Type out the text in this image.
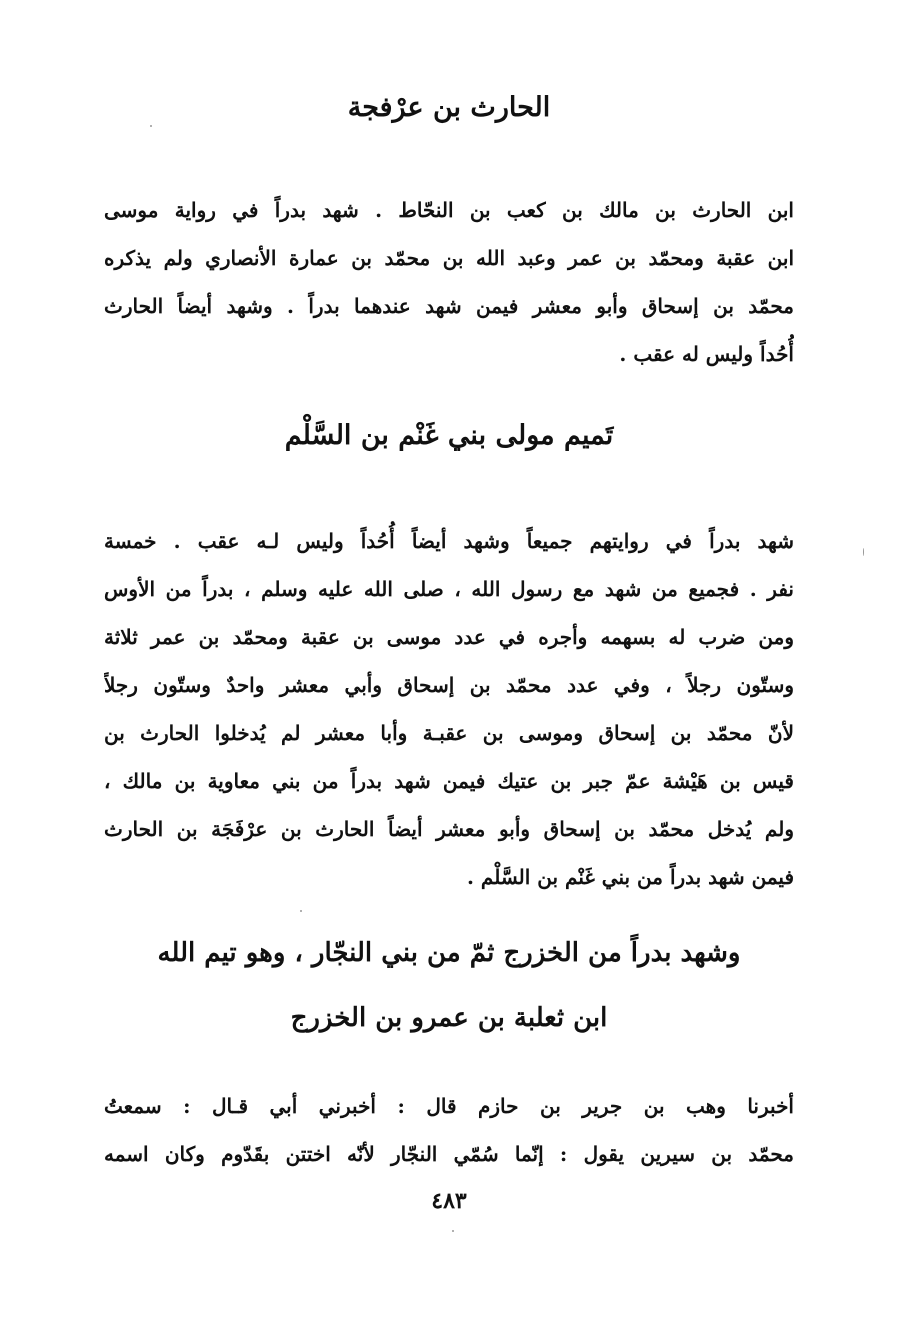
الحارث بن عرْفجة
ابن الحارث بن مالك بن كعب بن النحّاط . شهد بدراً في رواية موسى
ابن عقبة ومحمّد بن عمر وعبد الله بن محمّد بن عمارة الأنصاري ولم يذكره
محمّد بن إسحاق وأبو معشر فيمن شهد عندهما بدراً . وشهد أيضاً الحارث
أُحُداً وليس له عقب .
تَميم مولى بني غَنْم بن السَّلْم
شهد بدراً في روايتهم جميعاً وشهد أيضاً أُحُداً وليس لـه عقب . خمسة
نفر . فجميع من شهد مع رسول الله ، صلى الله عليه وسلم ، بدراً من الأوس
ومن ضرب له بسهمه وأجره في عدد موسى بن عقبة ومحمّد بن عمر ثلاثة
وستّون رجلاً ، وفي عدد محمّد بن إسحاق وأبي معشر واحدٌ وستّون رجلاً
لأنّ محمّد بن إسحاق وموسى بن عقبـة وأبا معشر لم يُدخلوا الحارث بن
قيس بن هَيْشة عمّ جبر بن عتيك فيمن شهد بدراً من بني معاوية بن مالك ،
ولم يُدخل محمّد بن إسحاق وأبو معشر أيضاً الحارث بن عرْفَجَة بن الحارث
فيمن شهد بدراً من بني غَنْم بن السَّلْم .
وشهد بدراً من الخزرج ثمّ من بني النجّار ، وهو تيم الله
ابن ثعلبة بن عمرو بن الخزرج
أخبرنا وهب بن جرير بن حازم قال : أخبرني أبي قـال : سمعتُ
محمّد بن سيرين يقول : إنّما سُمّي النجّار لأنّه اختتن بقَدّوم وكان اسمه
٤٨٣
